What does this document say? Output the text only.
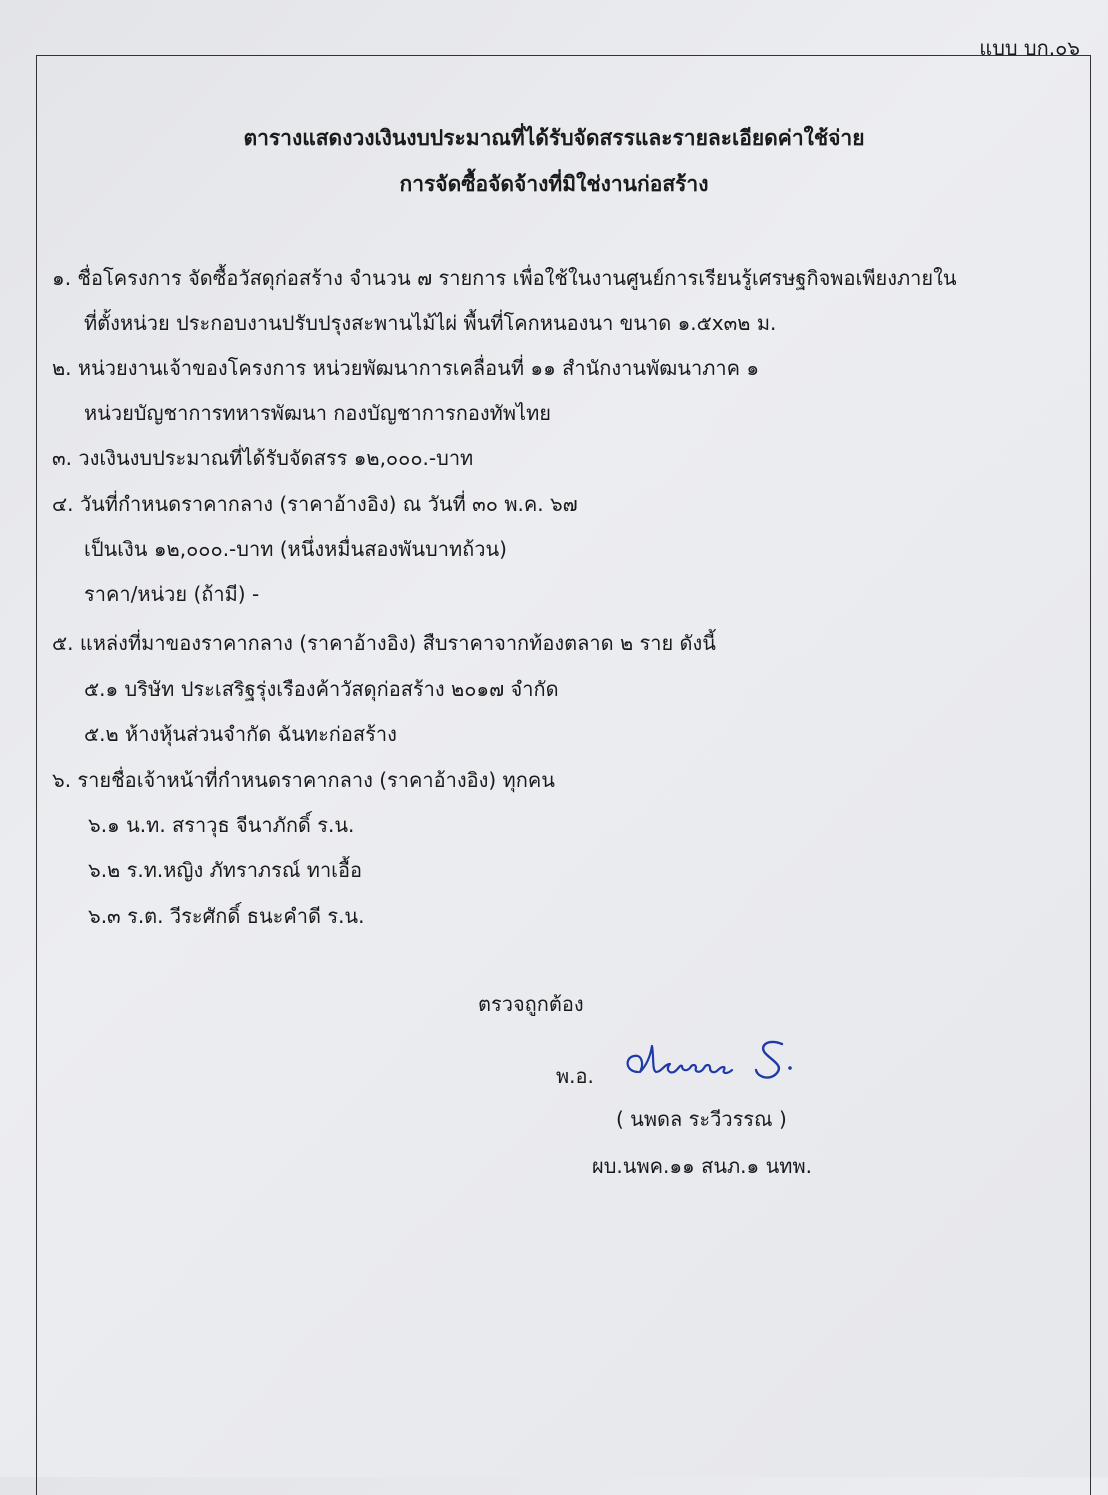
แบบ บก.๐๖
ตารางแสดงวงเงินงบประมาณที่ได้รับจัดสรรและรายละเอียดค่าใช้จ่าย
การจัดซื้อจัดจ้างที่มิใช่งานก่อสร้าง
๑. ชื่อโครงการ จัดซื้อวัสดุก่อสร้าง จำนวน ๗ รายการ เพื่อใช้ในงานศูนย์การเรียนรู้เศรษฐกิจพอเพียงภายใน
ที่ตั้งหน่วย ประกอบงานปรับปรุงสะพานไม้ไผ่ พื้นที่โคกหนองนา ขนาด ๑.๕x๓๒ ม.
๒. หน่วยงานเจ้าของโครงการ หน่วยพัฒนาการเคลื่อนที่ ๑๑ สำนักงานพัฒนาภาค ๑
หน่วยบัญชาการทหารพัฒนา กองบัญชาการกองทัพไทย
๓. วงเงินงบประมาณที่ได้รับจัดสรร ๑๒,๐๐๐.-บาท
๔. วันที่กำหนดราคากลาง (ราคาอ้างอิง) ณ วันที่ ๓๐ พ.ค. ๖๗
เป็นเงิน ๑๒,๐๐๐.-บาท (หนึ่งหมื่นสองพันบาทถ้วน)
ราคา/หน่วย (ถ้ามี) -
๕. แหล่งที่มาของราคากลาง (ราคาอ้างอิง) สืบราคาจากท้องตลาด ๒ ราย ดังนี้
๕.๑ บริษัท ประเสริฐรุ่งเรืองค้าวัสดุก่อสร้าง ๒๐๑๗ จำกัด
๕.๒ ห้างหุ้นส่วนจำกัด ฉันทะก่อสร้าง
๖. รายชื่อเจ้าหน้าที่กำหนดราคากลาง (ราคาอ้างอิง) ทุกคน
๖.๑ น.ท. สราวุธ จีนาภักดิ์ ร.น.
๖.๒ ร.ท.หญิง ภัทราภรณ์ ทาเอื้อ
๖.๓ ร.ต. วีระศักดิ์ ธนะคำดี ร.น.
ตรวจถูกต้อง
พ.อ.
( นพดล ระวีวรรณ )
ผบ.นพค.๑๑ สนภ.๑ นทพ.
